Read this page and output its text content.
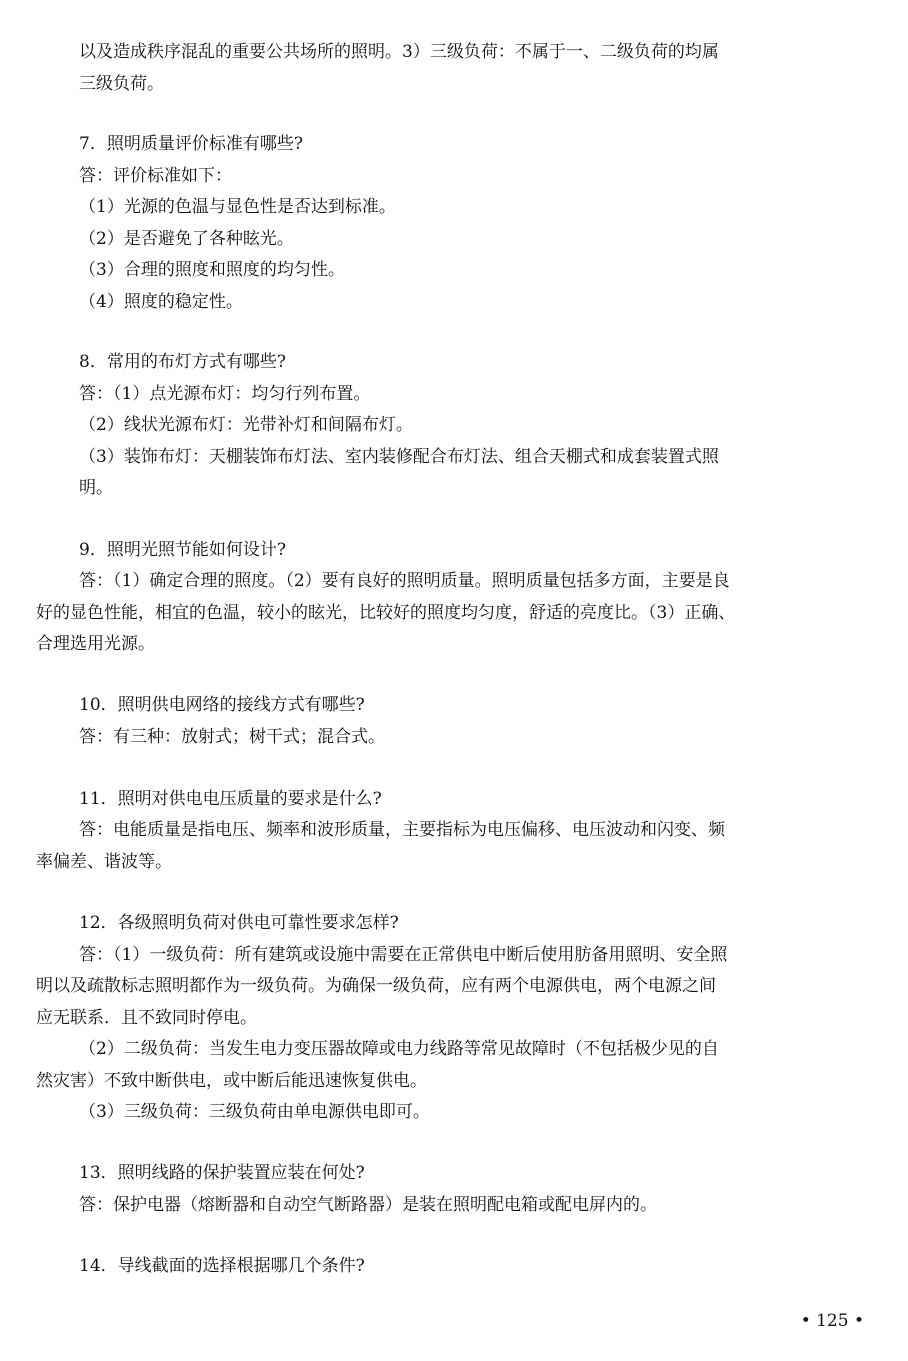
以及造成秩序混乱的重要公共场所的照明。3）三级负荷：不属于一、二级负荷的均属
三级负荷。
7．照明质量评价标准有哪些?
答：评价标准如下：
（1）光源的色温与显色性是否达到标准。
（2）是否避免了各种眩光。
（3）合理的照度和照度的均匀性。
（4）照度的稳定性。
8．常用的布灯方式有哪些?
答：（1）点光源布灯：均匀行列布置。
（2）线状光源布灯：光带补灯和间隔布灯。
（3）装饰布灯：天棚装饰布灯法、室内装修配合布灯法、组合天棚式和成套装置式照
明。
9．照明光照节能如何设计?
答：（1）确定合理的照度。（2）要有良好的照明质量。照明质量包括多方面，主要是良
好的显色性能，相宜的色温，较小的眩光，比较好的照度均匀度，舒适的亮度比。（3）正确、
合理选用光源。
10．照明供电网络的接线方式有哪些?
答：有三种：放射式；树干式；混合式。
11．照明对供电电压质量的要求是什么?
答：电能质量是指电压、频率和波形质量，主要指标为电压偏移、电压波动和闪变、频
率偏差、谐波等。
12．各级照明负荷对供电可靠性要求怎样?
答：（1）一级负荷：所有建筑或设施中需要在正常供电中断后使用肪备用照明、安全照
明以及疏散标志照明都作为一级负荷。为确保一级负荷，应有两个电源供电，两个电源之间
应无联系．且不致同时停电。
（2）二级负荷：当发生电力变压器故障或电力线路等常见故障时（不包括极少见的自
然灾害）不致中断供电，或中断后能迅速恢复供电。
（3）三级负荷：三级负荷由单电源供电即可。
13．照明线路的保护装置应装在何处?
答：保护电器（熔断器和自动空气断路器）是装在照明配电箱或配电屏内的。
14．导线截面的选择根据哪几个条件?
• 125 •
